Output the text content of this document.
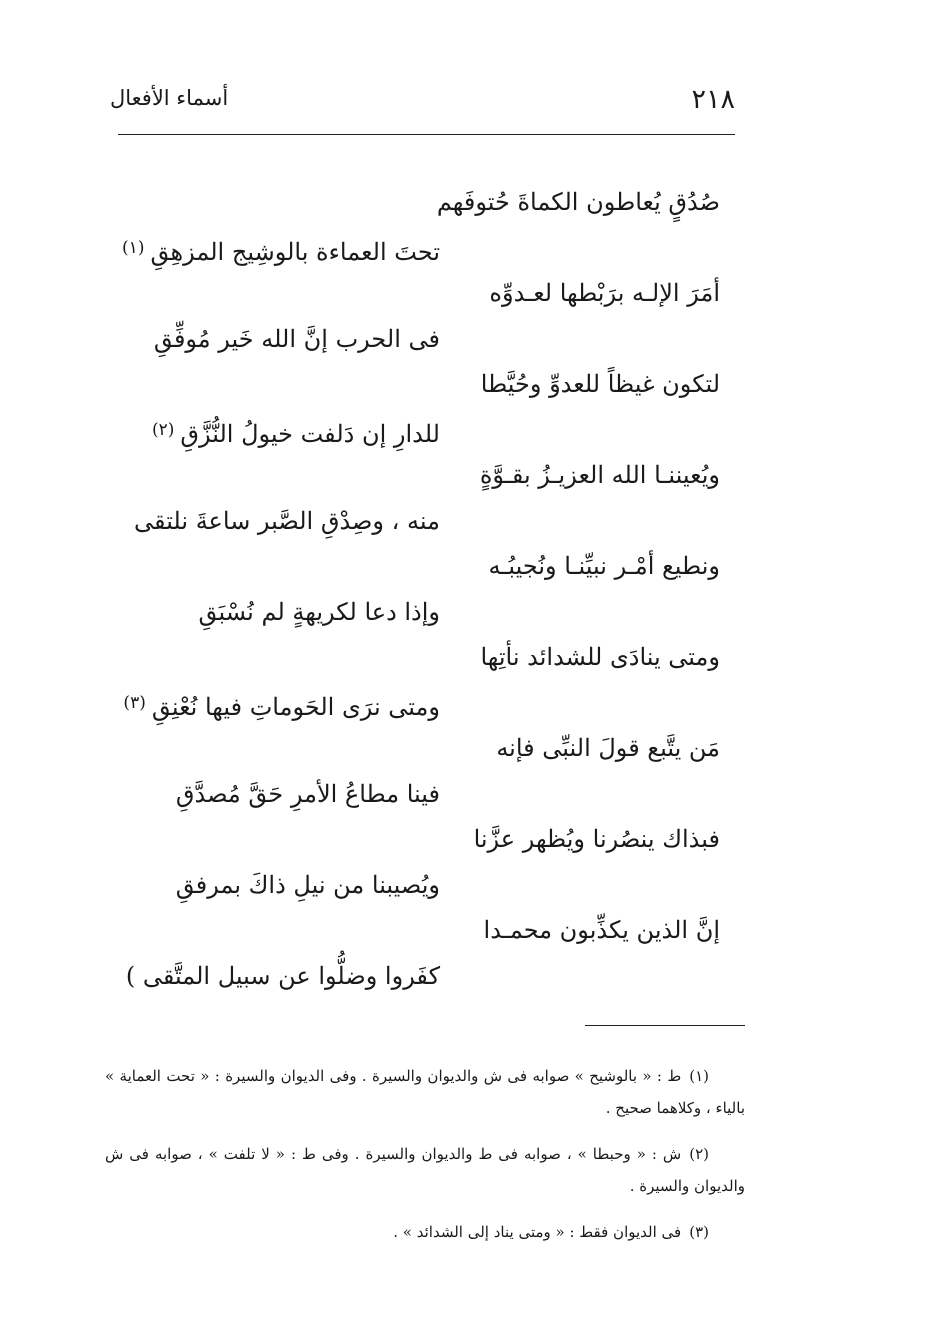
٢١٨
أسماء الأفعال
صُدُقٍ يُعاطون الكماةَ حُتوفَهم
تحتَ العماءة بالوشِيج المزهِقِ$^{(١)}$
أمَرَ الإلـه برَبْطها لعـدوِّه
فى الحرب إنَّ الله خَير مُوفِّقِ
لتكون غيظاً للعدوِّ وحُيَّطا
للدارِ إن دَلفت خيولُ النُّزَّقِ$^{(٢)}$
ويُعيننـا الله العزيـزُ بقـوَّةٍ
منه ، وصِدْقِ الصَّبر ساعةَ نلتقى
ونطيع أمْـر نبيِّنـا ونُجيبُـه
وإذا دعا لكريهةٍ لم نُسْبَقِ
ومتى ينادَى للشدائد نأتِها
ومتى نرَى الحَوماتِ فيها نُعْنِقِ$^{(٣)}$
مَن يتَّبع قولَ النبِّى فإنه
فينا مطاعُ الأمرِ حَقَّ مُصدَّقِ
فبذاك ينصُرنا ويُظهر عزَّنا
ويُصيبنا من نيلِ ذاكَ بمرفقِ
إنَّ الذين يكذِّبون محمـدا
كفَروا وضلُّوا عن سبيل المتَّقى )
(١)ط : « بالوشيح » صوابه فى ش والديوان والسيرة . وفى الديوان والسيرة : « تحت العماية » بالياء ، وكلاهما صحيح .
(٢)ش : « وحبطا » ، صوابه فى ط والديوان والسيرة . وفى ط : « لا تلفت » ، صوابه فى ش والديوان والسيرة .
(٣)فى الديوان فقط : « ومتى يناد إلى الشدائد » .
